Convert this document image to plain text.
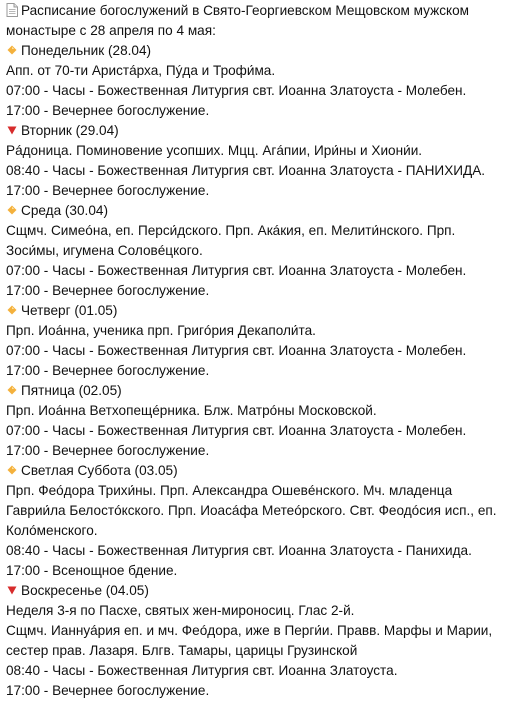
Расписание богослужений в Свято-Георгиевском Мещовском мужском
монастыре с 28 апреля по 4 мая:
Понедельник (28.04)
Апп. от 70-ти Аристáрха, Пýда и Трофи́ма.
07:00 - Часы - Божественная Литургия свт. Иоанна Златоуста - Молебен.
17:00 - Вечернее богослужение.
Вторник (29.04)
Рáдоница. Поминовение усопших. Мцц. Агáпии, Ири́ны и Хиони́и.
08:40 - Часы - Божественная Литургия свт. Иоанна Златоуста - ПАНИХИДА.
17:00 - Вечернее богослужение.
Среда (30.04)
Сщмч. Симеóна, еп. Перси́дского. Прп. Акáкия, еп. Мелити́нского. Прп.
Зоси́мы, игумена Соловéцкого.
07:00 - Часы - Божественная Литургия свт. Иоанна Златоуста - Молебен.
17:00 - Вечернее богослужение.
Четверг (01.05)
Прп. Иоáнна, ученика прп. Григóрия Декаполи́та.
07:00 - Часы - Божественная Литургия свт. Иоанна Златоуста - Молебен.
17:00 - Вечернее богослужение.
Пятница (02.05)
Прп. Иоáнна Ветхопещéрника. Блж. Матрóны Московской.
07:00 - Часы - Божественная Литургия свт. Иоанна Златоуста - Молебен.
17:00 - Вечернее богослужение.
Светлая Суббота (03.05)
Прп. Феóдора Трихи́ны. Прп. Александра Ошевéнского. Мч. младенца
Гаврии́ла Белостóкского. Прп. Иоасáфа Метеóрского. Свт. Феодóсия исп., еп.
Колóменского.
08:40 - Часы - Божественная Литургия свт. Иоанна Златоуста - Панихида.
17:00 - Всенощное бдение.
Воскресенье (04.05)
Неделя 3-я по Пасхе, святых жен-мироносиц. Глас 2-й.
Сщмч. Ианнуáрия еп. и мч. Феóдора, иже в Перги́и. Правв. Марфы и Марии,
сестер прав. Лазаря. Блгв. Тамары, царицы Грузинской
08:40 - Часы - Божественная Литургия свт. Иоанна Златоуста.
17:00 - Вечернее богослужение.
